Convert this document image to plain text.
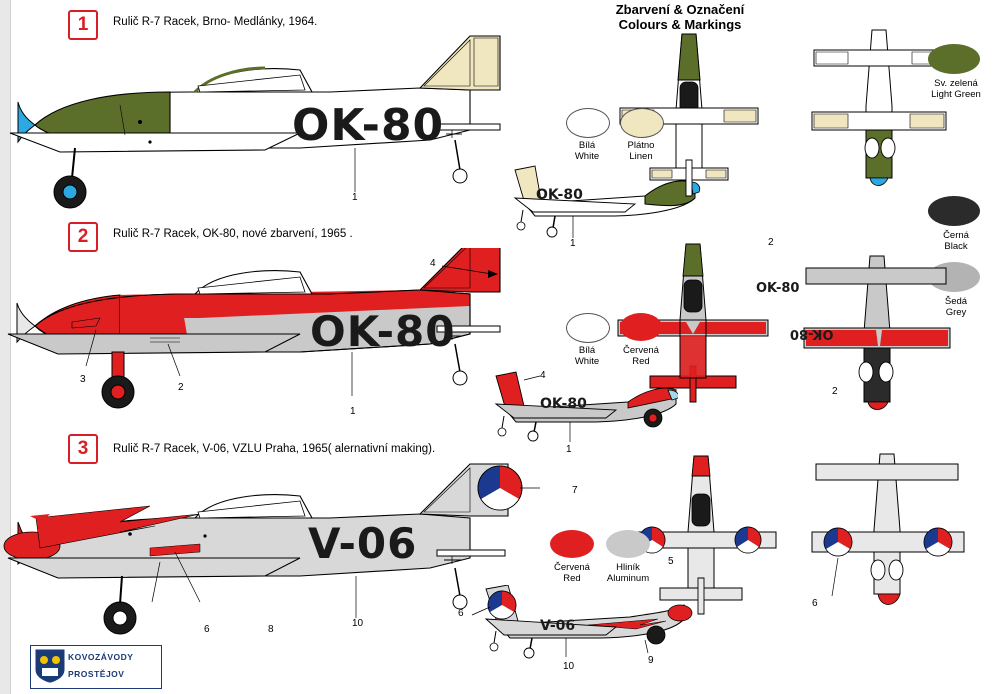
Zbarvení & Označení
Colours & Markings
1	Rulič R-7 Racek, Brno- Medlánky, 1964.
OK-80
1	OK-80
1
Bílá
White
Plátno
Linen
Sv. zelená
Light Green
Černá
Black
Šedá
Grey
2	Rulič R-7 Racek, OK-80, nové zbarvení, 1965 .
OK-80
1
2
3
4
OK-80
1
4
OK-80
2
OK-80
2
Bílá
White
Červená
Red
3	Rulič R-7 Racek, V-06, VZLU Praha, 1965( alernativní making).
V-06
6	8
10
7
V-06
6
10
9
6
5
Červená
Red
Hliník
Aluminum
KOVOZÁVODY
PROSTĚJOV
